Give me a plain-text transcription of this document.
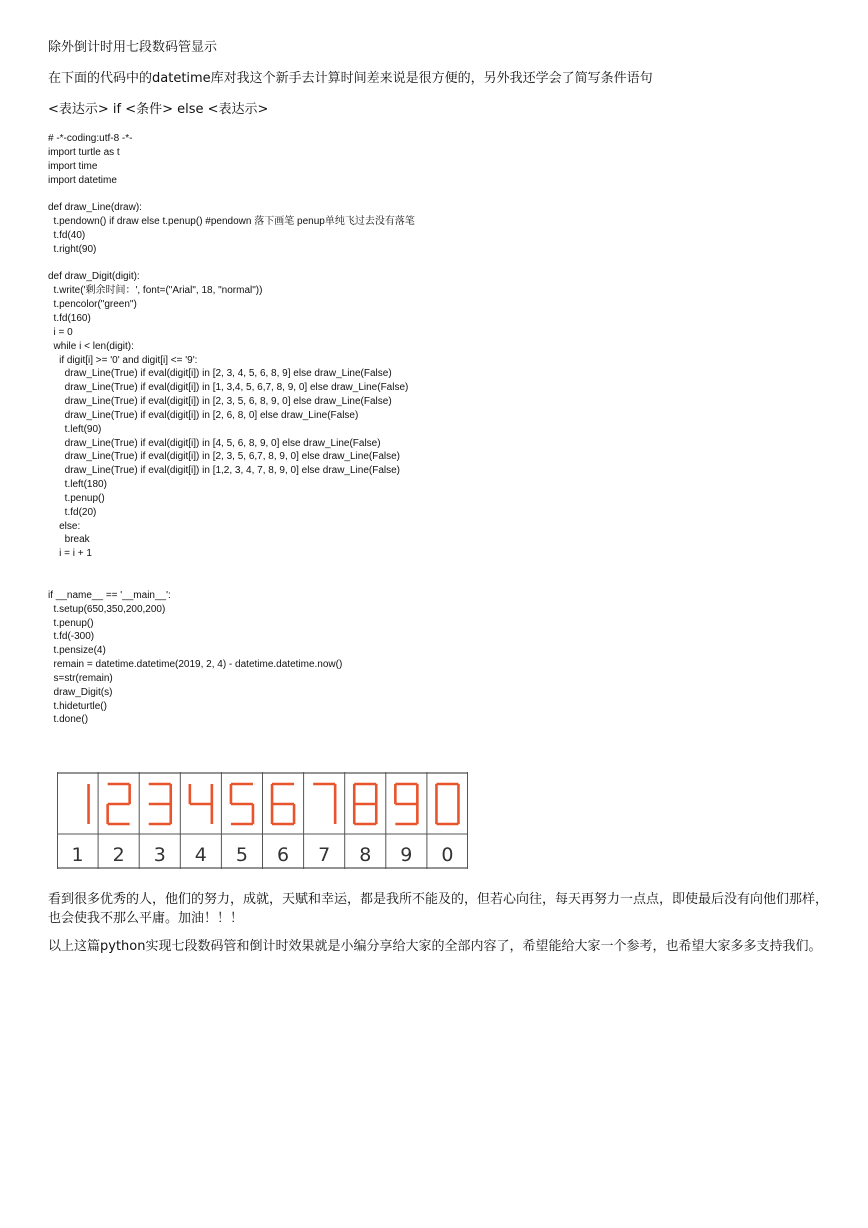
除外倒计时用七段数码管显示

在下面的代码中的datetime库对我这个新手去计算时间差来说是很方便的，另外我还学会了简写条件语句

<表达示> if <条件> else <表达示>

# -*-coding:utf-8 -*-
import turtle as t
import time
import datetime

def draw_Line(draw):
t.pendown() if draw else t.penup() #pendown 落下画笔 penup单纯飞过去没有落笔
t.fd(40)
t.right(90)

def draw_Digit(digit):
t.write('剩余时间：', font=("Arial", 18, "normal"))
t.pencolor("green")
t.fd(160)
i = 0
while i < len(digit):
if digit[i] >= '0' and digit[i] <= '9':
draw_Line(True) if eval(digit[i]) in [2, 3, 4, 5, 6, 8, 9] else draw_Line(False)
draw_Line(True) if eval(digit[i]) in [1, 3,4, 5, 6,7, 8, 9, 0] else draw_Line(False)
draw_Line(True) if eval(digit[i]) in [2, 3, 5, 6, 8, 9, 0] else draw_Line(False)
draw_Line(True) if eval(digit[i]) in [2, 6, 8, 0] else draw_Line(False)
t.left(90)
draw_Line(True) if eval(digit[i]) in [4, 5, 6, 8, 9, 0] else draw_Line(False)
draw_Line(True) if eval(digit[i]) in [2, 3, 5, 6,7, 8, 9, 0] else draw_Line(False)
draw_Line(True) if eval(digit[i]) in [1,2, 3, 4, 7, 8, 9, 0] else draw_Line(False)
t.left(180)
t.penup()
t.fd(20)
else:
break
i = i + 1

if __name__ == '__main__':
t.setup(650,350,200,200)
t.penup()
t.fd(-300)
t.pensize(4)
remain = datetime.datetime(2019, 2, 4) - datetime.datetime.now()
s=str(remain)
draw_Digit(s)
t.hideturtle()
t.done()

1 2 3 4 5 6 7 8 9 0

看到很多优秀的人，他们的努力，成就，天赋和幸运，都是我所不能及的，但若心向往，每天再努力一点点，即使最后没有向他们那样，也会使我不那么平庸。加油！！！

以上这篇python实现七段数码管和倒计时效果就是小编分享给大家的全部内容了，希望能给大家一个参考，也希望大家多多支持我们。
